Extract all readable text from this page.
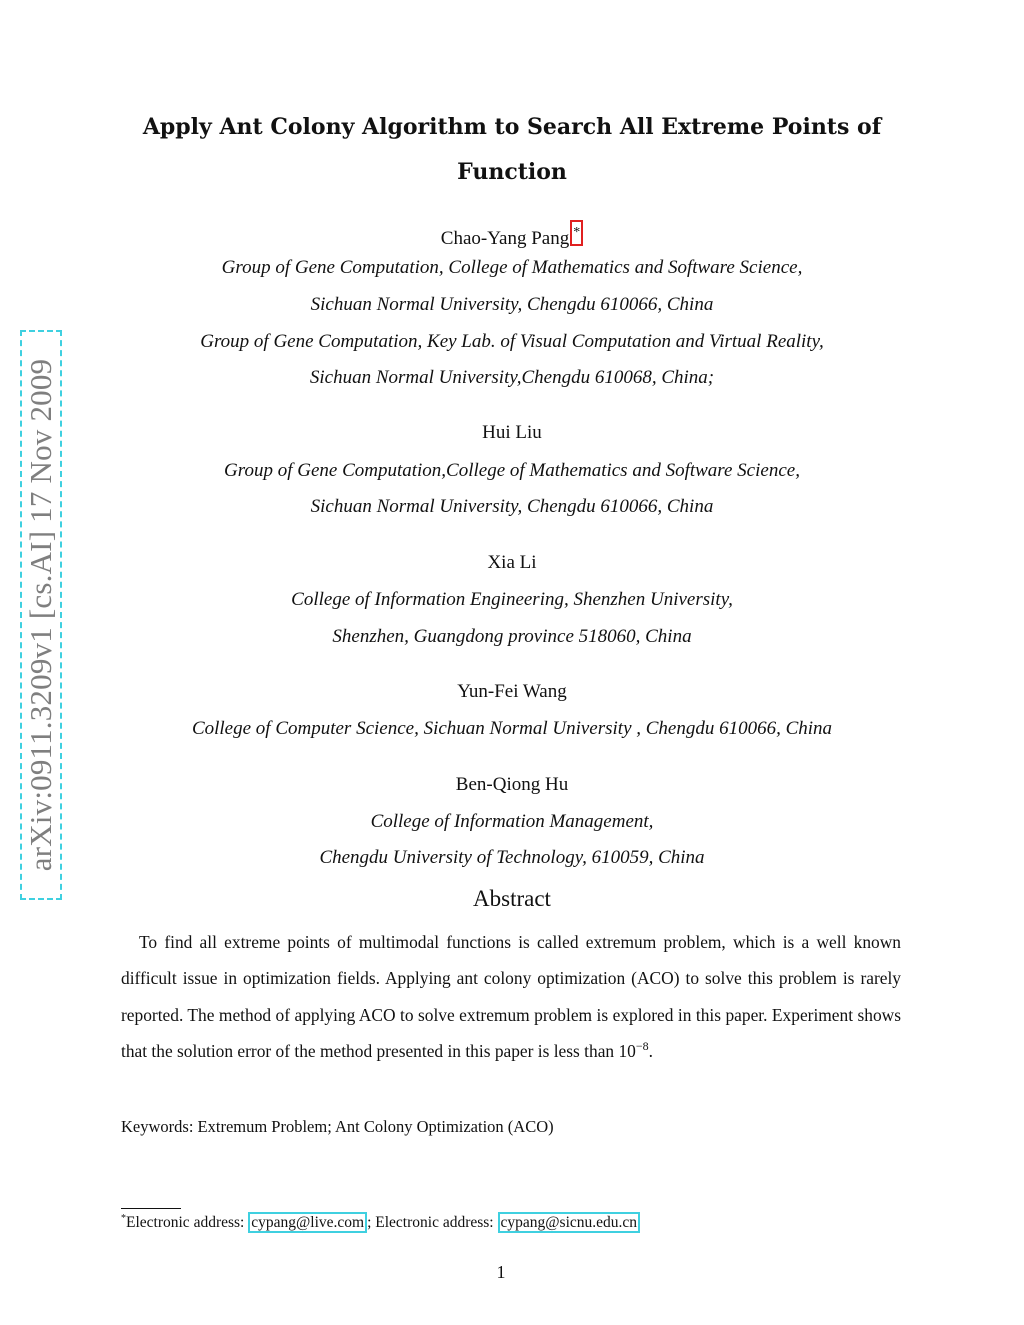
arXiv:0911.3209v1 [cs.AI] 17 Nov 2009
Apply Ant Colony Algorithm to Search All Extreme Points of
Function
Chao-Yang Pang *
Group of Gene Computation, College of Mathematics and Software Science,
Sichuan Normal University, Chengdu 610066, China
Group of Gene Computation, Key Lab. of Visual Computation and Virtual Reality,
Sichuan Normal University,Chengdu 610068, China;
Hui Liu
Group of Gene Computation,College of Mathematics and Software Science,
Sichuan Normal University, Chengdu 610066, China
Xia Li
College of Information Engineering, Shenzhen University,
Shenzhen, Guangdong province 518060, China
Yun-Fei Wang
College of Computer Science, Sichuan Normal University , Chengdu 610066, China
Ben-Qiong Hu
College of Information Management,
Chengdu University of Technology, 610059, China
Abstract

To find all extreme points of multimodal functions is called extremum problem, which is a well known difficult issue in optimization fields. Applying ant colony optimization (ACO) to solve this problem is rarely reported. The method of applying ACO to solve extremum problem is explored in this paper. Experiment shows that the solution error of the method presented in this paper is less than $10^{-8}$.

Keywords: Extremum Problem; Ant Colony Optimization (ACO)
*Electronic address: cypang@live.com ; Electronic address: cypang@sicnu.edu.cn
1
